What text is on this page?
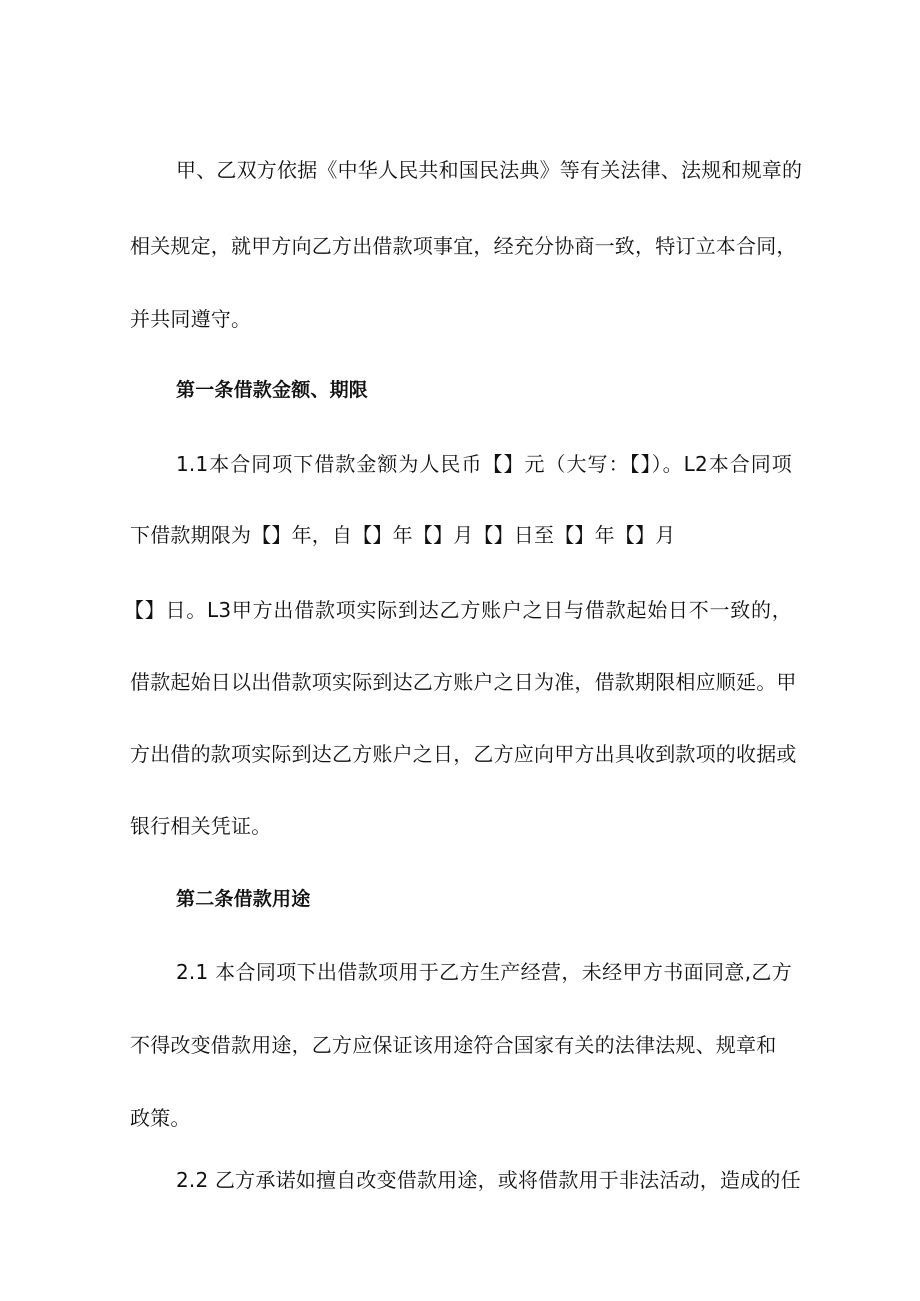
甲、乙双方依据《中华人民共和国民法典》等有关法律、法规和规章的
相关规定，就甲方向乙方出借款项事宜，经充分协商一致，特订立本合同，
并共同遵守。
第一条借款金额、期限
1.1本合同项下借款金额为人民币【】元（大写：【】）。L2本合同项
下借款期限为【】年，自【】年【】月【】日至【】年【】月
【】日。L3甲方出借款项实际到达乙方账户之日与借款起始日不一致的，
借款起始日以出借款项实际到达乙方账户之日为准，借款期限相应顺延。甲
方出借的款项实际到达乙方账户之日，乙方应向甲方出具收到款项的收据或
银行相关凭证。
第二条借款用途
2.1 本合同项下出借款项用于乙方生产经营，未经甲方书面同意,乙方
不得改变借款用途，乙方应保证该用途符合国家有关的法律法规、规章和
政策。
2.2 乙方承诺如擅自改变借款用途，或将借款用于非法活动，造成的任
